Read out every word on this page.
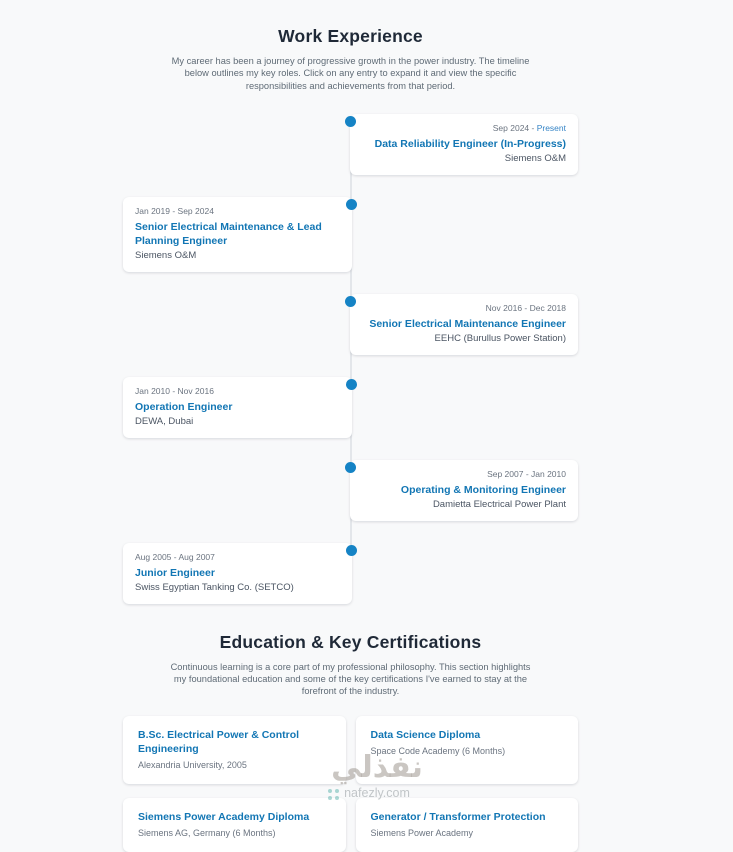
Work Experience

My career has been a journey of progressive growth in the power industry. The timeline below outlines my key roles. Click on any entry to expand it and view the specific responsibilities and achievements from that period.

Sep 2024 - Present
Data Reliability Engineer (In-Progress)
Siemens O&M
Jan 2019 - Sep 2024
Senior Electrical Maintenance & Lead Planning Engineer
Siemens O&M
Nov 2016 - Dec 2018
Senior Electrical Maintenance Engineer
EEHC (Burullus Power Station)
Jan 2010 - Nov 2016
Operation Engineer
DEWA, Dubai
Sep 2007 - Jan 2010
Operating & Monitoring Engineer
Damietta Electrical Power Plant
Aug 2005 - Aug 2007
Junior Engineer
Swiss Egyptian Tanking Co. (SETCO)
Education & Key Certifications

Continuous learning is a core part of my professional philosophy. This section highlights my foundational education and some of the key certifications I've earned to stay at the forefront of the industry.

B.Sc. Electrical Power & Control Engineering
Alexandria University, 2005
Data Science Diploma
Space Code Academy (6 Months)
Siemens Power Academy Diploma
Siemens AG, Germany (6 Months)
Generator / Transformer Protection
Siemens Power Academy
نفذلي
nafezly.com
